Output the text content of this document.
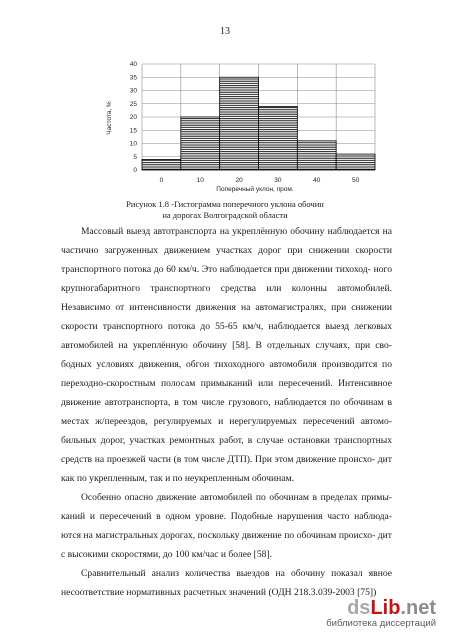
13
0
5
10
15
20
25
30
35
40
0	10	20	30	40	50
Частота, %
Поперечный уклон, пром.
Рисунок 1.8 -Гистограмма поперечного уклона обочин
на дорогах Волгоградской области

Массовый выезд автотранспорта на укреплённую обочину наблюдается на частично загруженных движением участках дорог при снижении скорости транспортного потока до 60 км/ч. Это наблюдается при движении тихоход- ного крупногабаритного транспортного средства или колонны автомобилей. Независимо от интенсивности движения на автомагистралях, при снижении скорости транспортного потока до 55-65 км/ч, наблюдается выезд легковых автомобилей на укреплённую обочину [58]. В отдельных случаях, при сво- бодных условиях движения, обгон тихоходного автомобиля производится по переходно-скоростным полосам примыканий или пересечений. Интенсивное движение автотранспорта, в том числе грузового, наблюдается по обочинам в местах ж/переездов, регулируемых и нерегулируемых пересечений автомо- бильных дорог, участках ремонтных работ, в случае остановки транспортных средств на проезжей части (в том числе ДТП). При этом движение происхо- дит как по укрепленным, так и по неукрепленным обочинам.

Особенно опасно движение автомобилей по обочинам в пределах примы- каний и пересечений в одном уровне. Подобные нарушения часто наблюда- ются на магистральных дорогах, поскольку движение по обочинам происхо- дит с высокими скоростями, до 100 км/час и более [58].

Сравнительный анализ количества выездов на обочину показал явное несоответствие нормативных расчетных значений (ОДН 218.3.039-2003 [75])

dsLib.net
библиотека диссертаций
